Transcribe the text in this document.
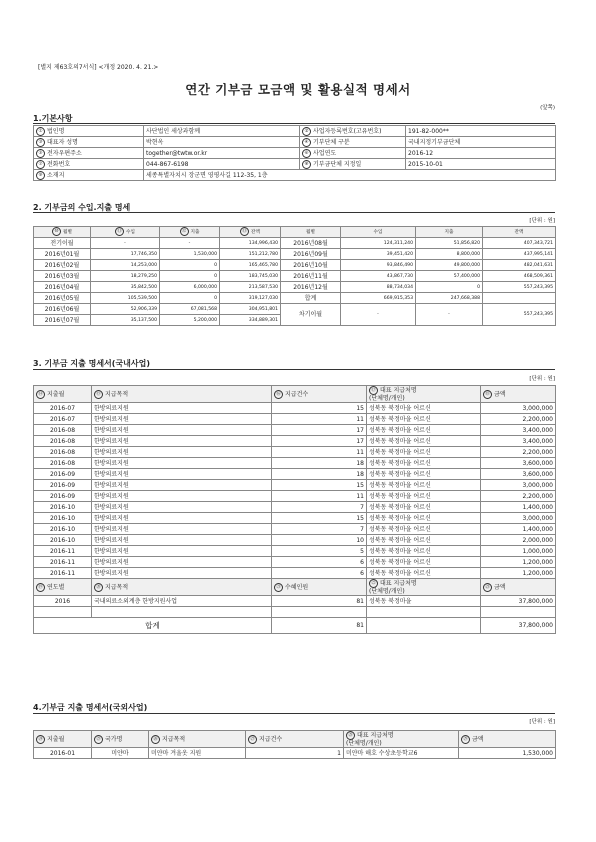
[별지 제63호의7서식] <개정 2020. 4. 21.>
연간 기부금 모금액 및 활용실적 명세서
(앞쪽)
1.기본사항
① 법인명	사단법인 세상과함께	② 사업자등록번호(고유번호)	191-82-000**
③ 대표자 성명	박현옥	④ 기부단체 구분	국내지정기부금단체
⑤ 전자우편주소	together@twtw.or.kr	⑥ 사업연도	2016-12
⑦ 전화번호	044-867-6198	⑧ 기부금단체 지정일	2015-10-01
⑨ 소재지	세종특별자치시 장군면 영평사길 112-35, 1층		
2. 기부금의 수입.지출 명세
[단위 : 원]
⑩ 월별	⑪ 수입	⑫ 지출	⑬ 잔액	월별	수입	지출	잔액
전기이월	-	-	134,996,430	2016년08월	124,311,240	51,856,820	407,343,721
2016년01월	17,746,350	1,530,000	151,212,780	2016년09월	39,451,420	8,800,000	437,995,141
2016년02월	14,253,000	0	165,465,780	2016년10월	93,846,490	49,800,000	482,041,631
2016년03월	18,279,250	0	183,745,030	2016년11월	43,867,730	57,400,000	468,509,361
2016년04월	35,842,500	6,000,000	213,587,530	2016년12월	88,734,034	0	557,243,395
2016년05월	105,539,500	0	319,127,030	합계	669,915,353	247,668,388	
2016년06월	52,906,339	67,081,568	304,951,801	차기이월	-	-	557,243,395
2016년07월	35,137,500	5,200,000	334,889,301				
3. 기부금 지출 명세서(국내사업)
[단위 : 원]
⑭ 지출월	⑮ 지급목적	⑯ 지급건수	⑰ 대표 지급처명
(단체명/개인)	⑱ 금액
2016-07	한방의료지원	15	성북동 북정마을 어르신	3,000,000
2016-07	한방의료지원	11	성북동 북정마을 어르신	2,200,000
2016-08	한방의료지원	17	성북동 북정마을 어르신	3,400,000
2016-08	한방의료지원	17	성북동 북정마을 어르신	3,400,000
2016-08	한방의료지원	11	성북동 북정마을 어르신	2,200,000
2016-08	한방의료지원	18	성북동 북정마을 어르신	3,600,000
2016-09	한방의료지원	18	성북동 북정마을 어르신	3,600,000
2016-09	한방의료지원	15	성북동 북정마을 어르신	3,000,000
2016-09	한방의료지원	11	성북동 북정마을 어르신	2,200,000
2016-10	한방의료지원	7	성북동 북정마을 어르신	1,400,000
2016-10	한방의료지원	15	성북동 북정마을 어르신	3,000,000
2016-10	한방의료지원	7	성북동 북정마을 어르신	1,400,000
2016-10	한방의료지원	10	성북동 북정마을 어르신	2,000,000
2016-11	한방의료지원	5	성북동 북정마을 어르신	1,000,000
2016-11	한방의료지원	6	성북동 북정마을 어르신	1,200,000
2016-11	한방의료지원	6	성북동 북정마을 어르신	1,200,000
⑲ 연도별	⑳ 지급목적	㉑ 수혜인원	㉒ 대표 지급처명
(단체명/개인)	㉓ 금액
2016	국내의료소외계층 한방지원사업	81	성북동 북정마을	37,800,000

합계		81		37,800,000
4.기부금 지출 명세서(국외사업)
[단위 : 원]
㉔ 지출월	㉕ 국가명	㉖ 지급목적	㉗ 지급건수	㉘ 대표 지급처명
(단체명/개인)	㉙ 금액
2016-01	미얀마	미얀마 겨울옷 지원	1	미얀마 해호 수상초등학교6	1,530,000
